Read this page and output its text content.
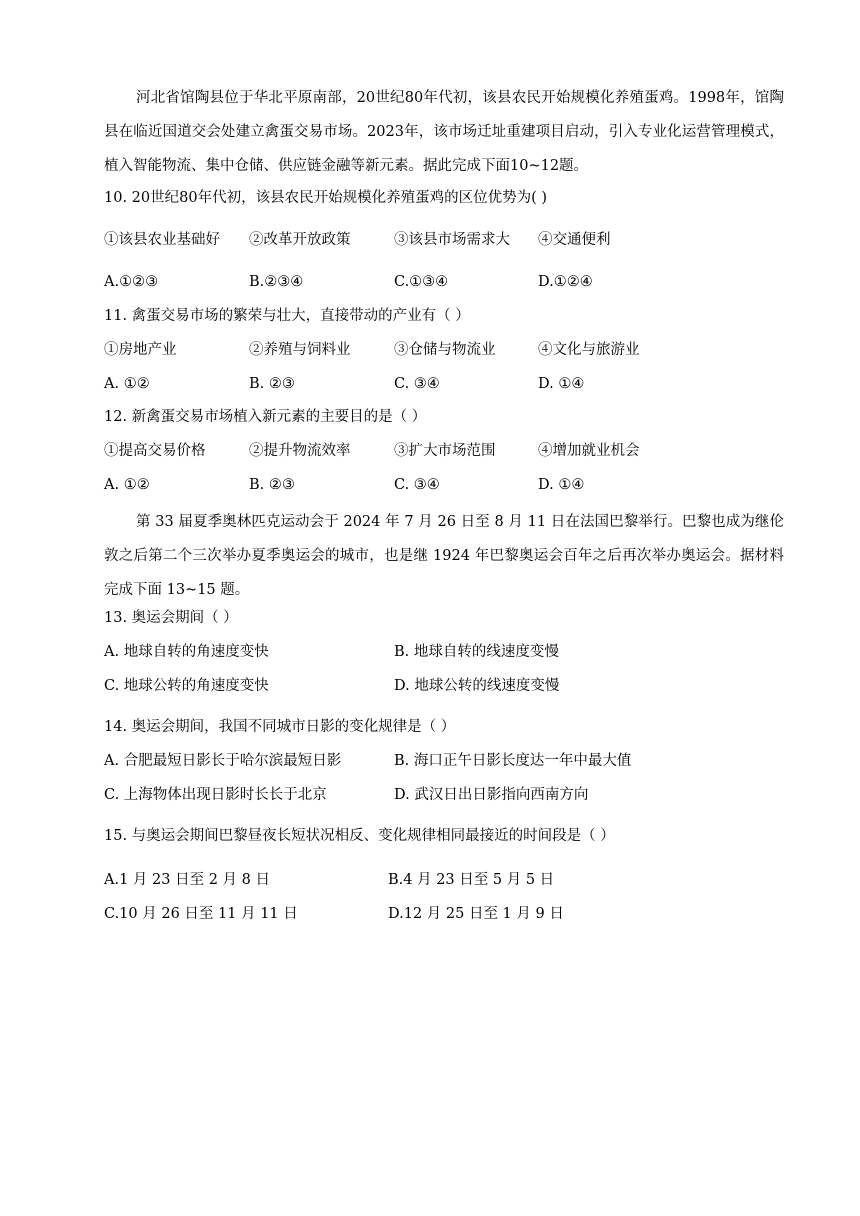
河北省馆陶县位于华北平原南部，20世纪80年代初，该县农民开始规模化养殖蛋鸡。1998年，馆陶县在临近国道交会处建立禽蛋交易市场。2023年，该市场迁址重建项目启动，引入专业化运营管理模式，植入智能物流、集中仓储、供应链金融等新元素。据此完成下面10~12题。
10. 20世纪80年代初，该县农民开始规模化养殖蛋鸡的区位优势为( )
①该县农业基础好 ②改革开放政策	③该县市场需求大 ④交通便利
A.①②③	B.②③④	C.①③④	D.①②④
11. 禽蛋交易市场的繁荣与壮大，直接带动的产业有（ ）
①房地产业	②养殖与饲料业	③仓储与物流业	④文化与旅游业
A. ①②	B. ②③	C. ③④	D. ①④
12. 新禽蛋交易市场植入新元素的主要目的是（ ）
①提高交易价格	②提升物流效率	③扩大市场范围	④增加就业机会
A. ①②	B. ②③	C. ③④	D. ①④
第 33 届夏季奥林匹克运动会于 2024 年 7 月 26 日至 8 月 11 日在法国巴黎举行。巴黎也成为继伦敦之后第二个三次举办夏季奥运会的城市，也是继 1924 年巴黎奥运会百年之后再次举办奥运会。据材料完成下面 13~15 题。
13. 奥运会期间（ ）
A. 地球自转的角速度变快	B. 地球自转的线速度变慢
C. 地球公转的角速度变快	D. 地球公转的线速度变慢
14. 奥运会期间，我国不同城市日影的变化规律是（ ）
A. 合肥最短日影长于哈尔滨最短日影	B. 海口正午日影长度达一年中最大值
C. 上海物体出现日影时长长于北京	D. 武汉日出日影指向西南方向
15. 与奥运会期间巴黎昼夜长短状况相反、变化规律相同最接近的时间段是（ ）
A.1 月 23 日至 2 月 8 日	B.4 月 23 日至 5 月 5 日
C.10 月 26 日至 11 月 11 日	D.12 月 25 日至 1 月 9 日
